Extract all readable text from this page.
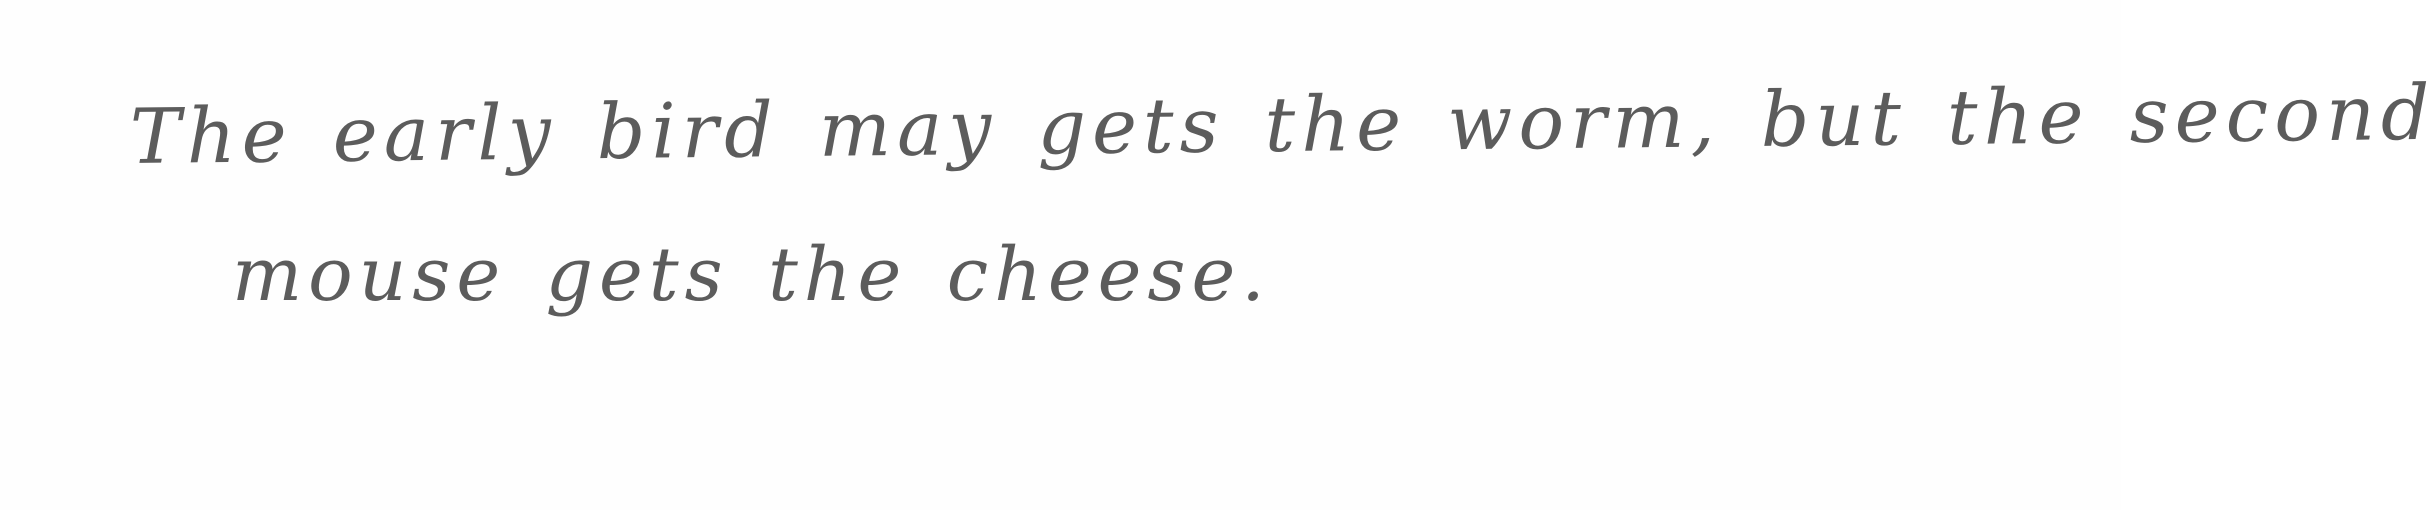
The early bird may gets the worm, but the second
mouse gets the cheese.
